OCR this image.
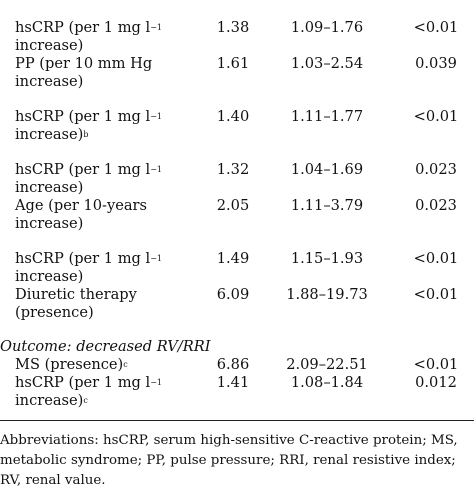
hsCRP (per 1 mg $l^{-1}$
increase)
1.38	1.09–1.76	<0.01
PP (per 10 mm Hg
increase)
1.61	1.03–2.54	0.039
hsCRP (per 1 mg $l^{-1}$
increase)$^b$
1.40	1.11–1.77	<0.01
hsCRP (per 1 mg $l^{-1}$
increase)
1.32	1.04–1.69	0.023
Age (per 10-years
increase)
2.05	1.11–3.79	0.023
hsCRP (per 1 mg $l^{-1}$
increase)
1.49	1.15–1.93	<0.01
Diuretic therapy
(presence)
6.09	1.88–19.73	<0.01
Outcome: decreased RV/RRI
MS (presence)$^c$	6.86	2.09–22.51	<0.01
hsCRP (per 1 mg $l^{-1}$
increase)$^c$
1.41	1.08–1.84	0.012
Abbreviations: hsCRP, serum high-sensitive C-reactive protein; MS,
metabolic syndrome; PP, pulse pressure; RRI, renal resistive index;
RV, renal value.
